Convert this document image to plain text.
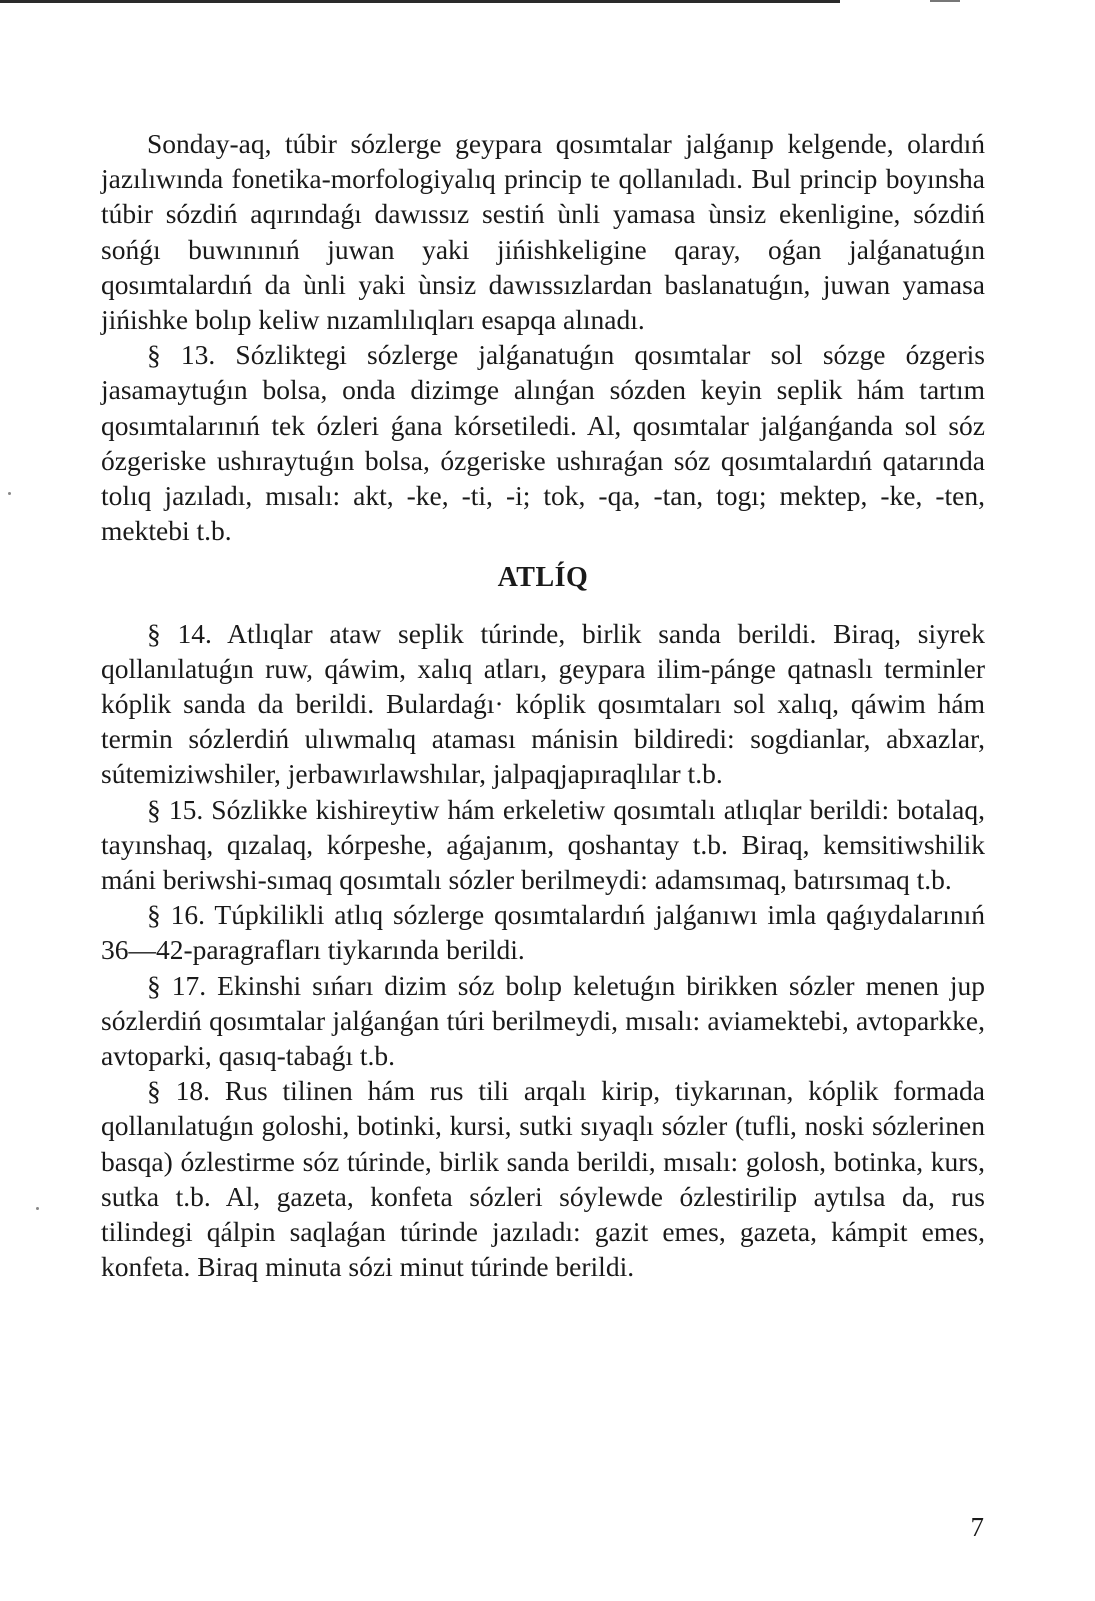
Sonday-aq, túbir sózlerge geypara qosımtalar jalǵanıp kelgende, olardıń jazılıwında fonetika-morfologiyalıq princip te qollanıladı. Bul princip boyınsha túbir sózdiń aqırındaǵı dawıssız sestiń ùnli yamasa ùnsiz ekenligine, sózdiń sońǵı buwınınıń juwan yaki jińishkeligine qaray, oǵan jalǵanatuǵın qosımtalardıń da ùnli yaki ùnsiz dawıssızlardan baslanatuǵın, juwan yamasa jińishke bolıp keliw nızamlılıqları esapqa alınadı.

§ 13. Sózliktegi sózlerge jalǵanatuǵın qosımtalar sol sózge ózgeris jasamaytuǵın bolsa, onda dizimge alınǵan sózden keyin seplik hám tartım qosımtalarınıń tek ózleri ǵana kórsetiledi. Al, qosımtalar jalǵanǵanda sol sóz ózgeriske ushıraytuǵın bolsa, ózgeriske ushıraǵan sóz qosımtalardıń qatarında tolıq jazıladı, mısalı: akt, -ke, -ti, -i; tok, -qa, -tan, togı; mektep, -ke, -ten, mektebi t.b.

ATLÍQ

§ 14. Atlıqlar ataw seplik túrinde, birlik sanda berildi. Biraq, siyrek qollanılatuǵın ruw, qáwim, xalıq atları, geypara ilim-pánge qatnaslı terminler kóplik sanda da berildi. Bulardaǵı· kóplik qosımtaları sol xalıq, qáwim hám termin sózlerdiń ulıwmalıq ataması mánisin bildiredi: sogdianlar, abxazlar, sútemiziwshiler, jerbawırlawshılar, jalpaqjapıraqlılar t.b.

§ 15. Sózlikke kishireytiw hám erkeletiw qosımtalı atlıqlar berildi: botalaq, tayınshaq, qızalaq, kórpeshe, aǵajanım, qoshantay t.b. Biraq, kemsitiwshilik máni beriwshi-sımaq qosımtalı sózler berilmeydi: adamsımaq, batırsımaq t.b.

§ 16. Túpkilikli atlıq sózlerge qosımtalardıń jalǵanıwı imla qaǵıydalarınıń 36—42-paragrafları tiykarında berildi.

§ 17. Ekinshi sıńarı dizim sóz bolıp keletuǵın birikken sózler menen jup sózlerdiń qosımtalar jalǵanǵan túri berilmeydi, mısalı: aviamektebi, avtoparkke, avtoparki, qasıq-tabaǵı t.b.

§ 18. Rus tilinen hám rus tili arqalı kirip, tiykarınan, kóplik formada qollanılatuǵın goloshi, botinki, kursi, sutki sıyaqlı sózler (tufli, noski sózlerinen basqa) ózlestirme sóz túrinde, birlik sanda berildi, mısalı: golosh, botinka, kurs, sutka t.b. Al, gazeta, konfeta sózleri sóylewde ózlestirilip aytılsa da, rus tilindegi qálpin saqlaǵan túrinde jazıladı: gazit emes, gazeta, kámpit emes, konfeta. Biraq minuta sózi minut túrinde berildi.

7
